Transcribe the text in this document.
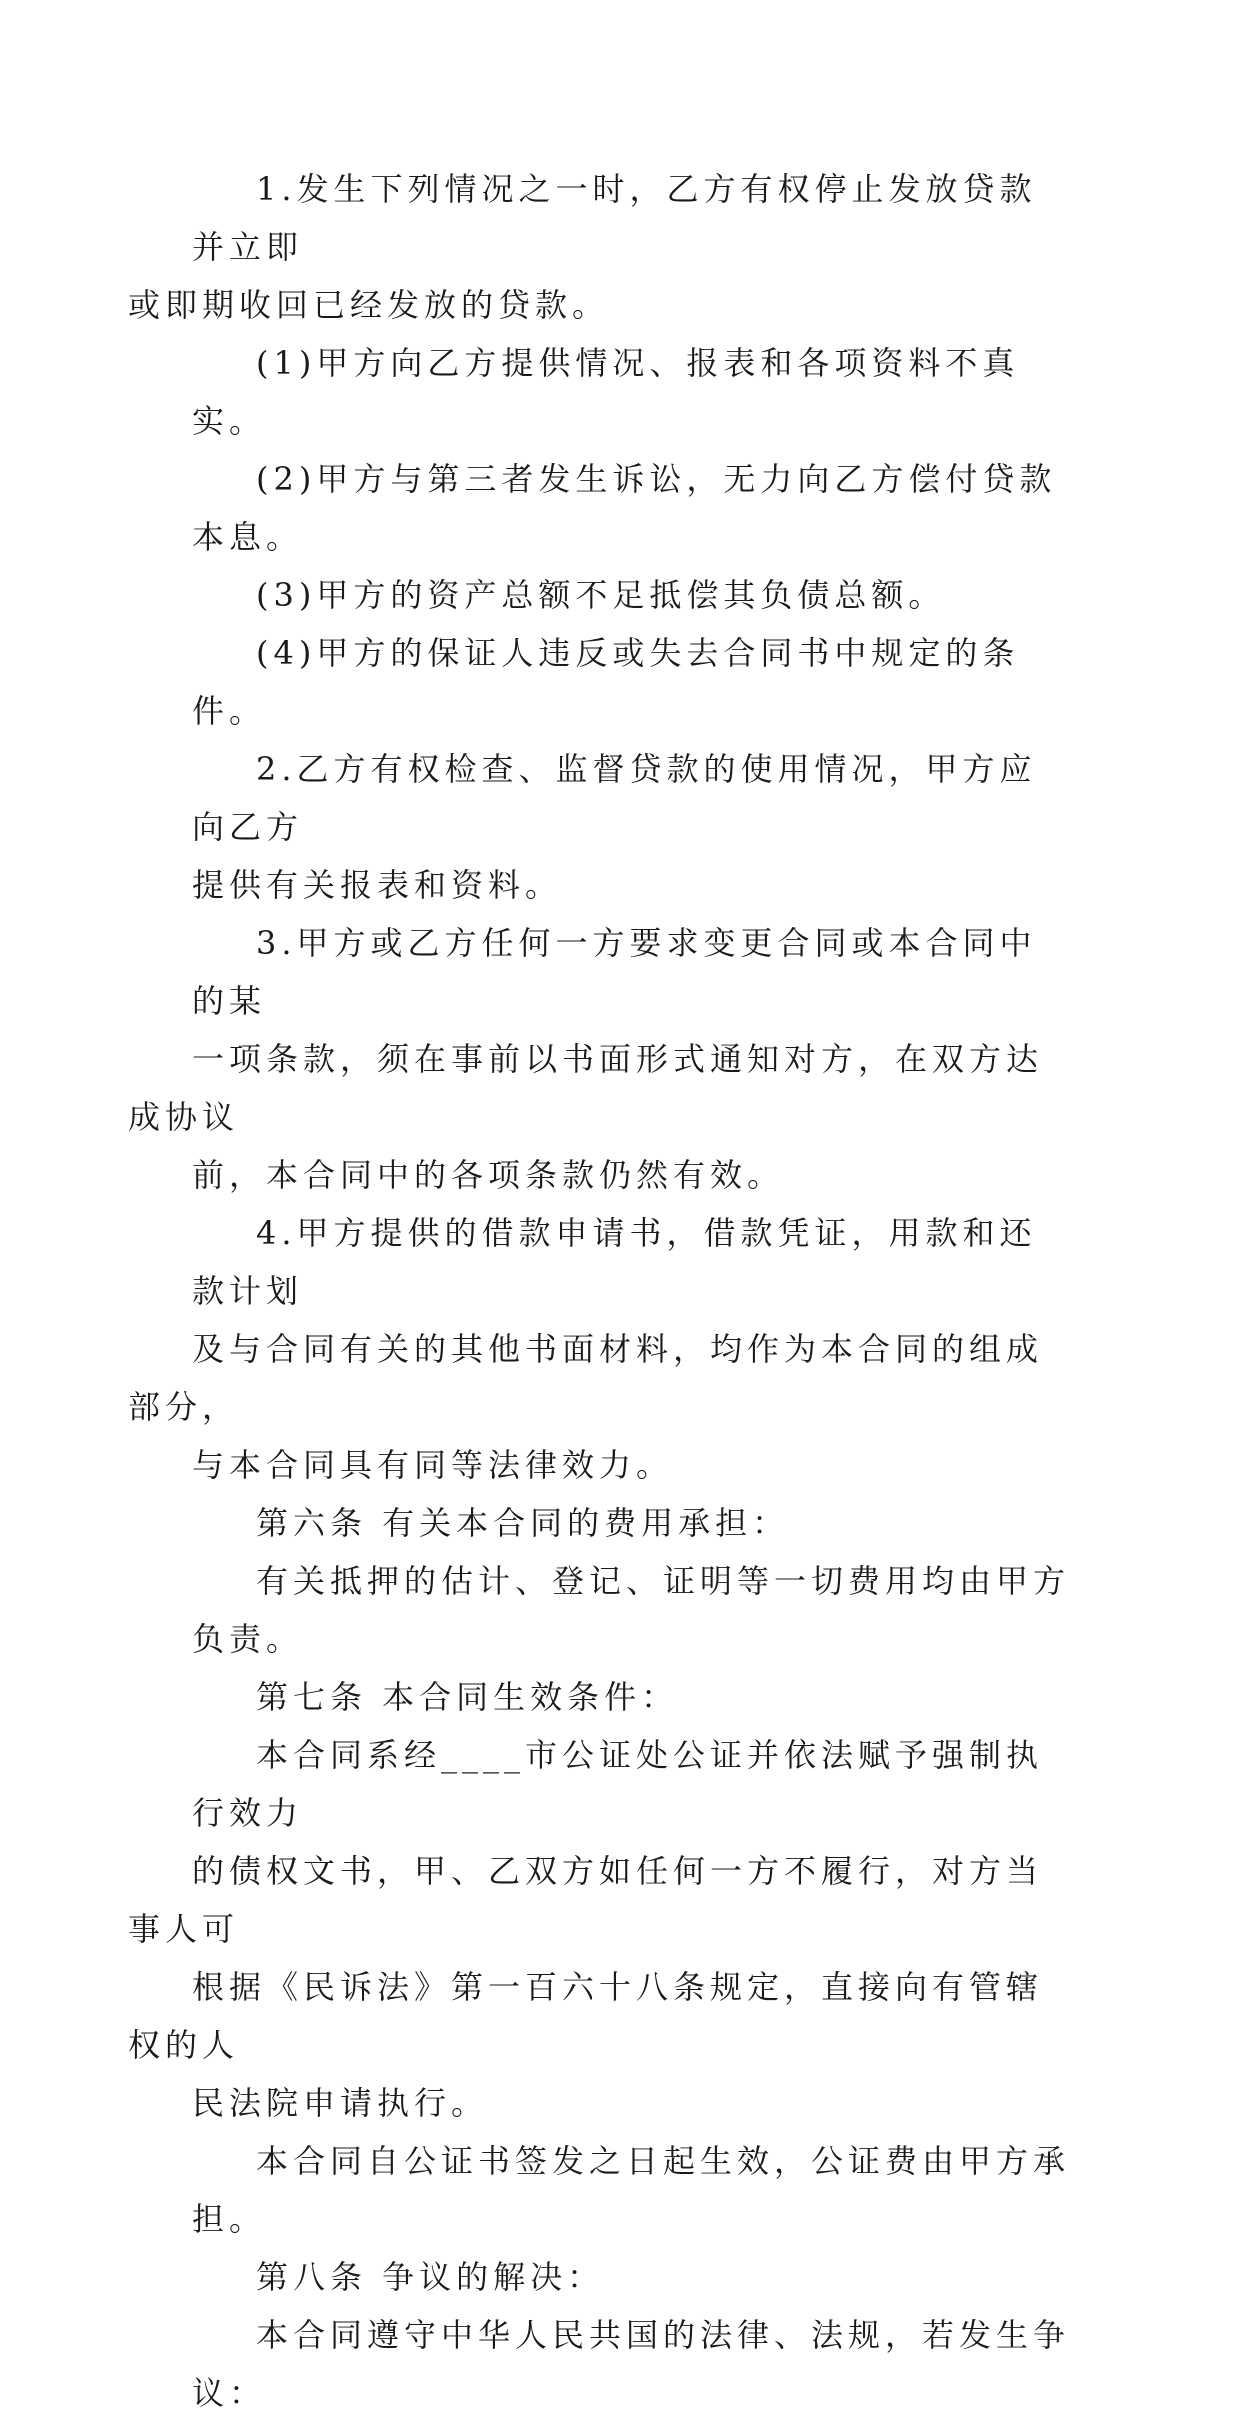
1.发生下列情况之一时，乙方有权停止发放贷款并立即
或即期收回已经发放的贷款。

(1)甲方向乙方提供情况、报表和各项资料不真实。

(2)甲方与第三者发生诉讼，无力向乙方偿付贷款本息。

(3)甲方的资产总额不足抵偿其负债总额。

(4)甲方的保证人违反或失去合同书中规定的条件。

2.乙方有权检查、监督贷款的使用情况，甲方应向乙方
提供有关报表和资料。

3.甲方或乙方任何一方要求变更合同或本合同中的某
一项条款，须在事前以书面形式通知对方，在双方达成协议
前，本合同中的各项条款仍然有效。

4.甲方提供的借款申请书，借款凭证，用款和还款计划
及与合同有关的其他书面材料，均作为本合同的组成部分，
与本合同具有同等法律效力。

第六条 有关本合同的费用承担：

有关抵押的估计、登记、证明等一切费用均由甲方负责。

第七条 本合同生效条件：

本合同系经____市公证处公证并依法赋予强制执行效力
的债权文书，甲、乙双方如任何一方不履行，对方当事人可
根据《民诉法》第一百六十八条规定，直接向有管辖权的人
民法院申请执行。

本合同自公证书签发之日起生效，公证费由甲方承担。

第八条 争议的解决：

本合同遵守中华人民共国的法律、法规，若发生争议：
